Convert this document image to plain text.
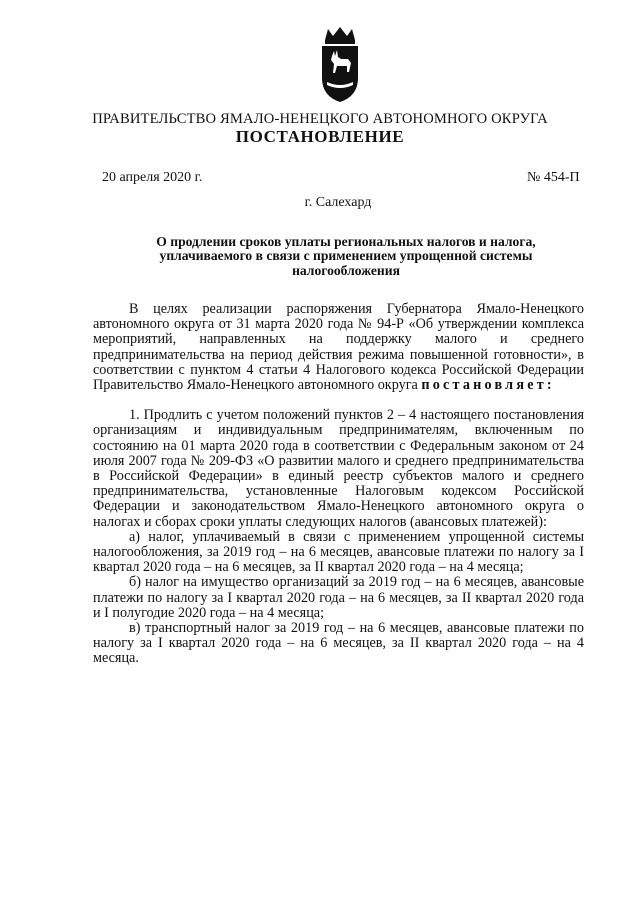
ПРАВИТЕЛЬСТВО ЯМАЛО-НЕНЕЦКОГО АВТОНОМНОГО ОКРУГА
ПОСТАНОВЛЕНИЕ
20 апреля 2020 г.	№ 454-П
г. Салехард
О продлении сроков уплаты региональных налогов и налога,
уплачиваемого в связи с применением упрощенной системы
налогообложения

В целях реализации распоряжения Губернатора Ямало-Ненецкого автономного округа от 31 марта 2020 года № 94-Р «Об утверждении комплекса мероприятий, направленных на поддержку малого и среднего предпринимательства на период действия режима повышенной готовности», в соответствии с пунктом 4 статьи 4 Налогового кодекса Российской Федерации Правительство Ямало-Ненецкого автономного округа постановляет:

1. Продлить с учетом положений пунктов 2 – 4 настоящего постановления организациям и индивидуальным предпринимателям, включенным по состоянию на 01 марта 2020 года в соответствии с Федеральным законом от 24 июля 2007 года № 209-ФЗ «О развитии малого и среднего предпринимательства в Российской Федерации» в единый реестр субъектов малого и среднего предпринимательства, установленные Налоговым кодексом Российской Федерации и законодательством Ямало-Ненецкого автономного округа о налогах и сборах сроки уплаты следующих налогов (авансовых платежей):

а) налог, уплачиваемый в связи с применением упрощенной системы налогообложения, за 2019 год – на 6 месяцев, авансовые платежи по налогу за I квартал 2020 года – на 6 месяцев, за II квартал 2020 года – на 4 месяца;

б) налог на имущество организаций за 2019 год – на 6 месяцев, авансовые платежи по налогу за I квартал 2020 года – на 6 месяцев, за II квартал 2020 года и I полугодие 2020 года – на 4 месяца;

в) транспортный налог за 2019 год – на 6 месяцев, авансовые платежи по налогу за I квартал 2020 года – на 6 месяцев, за II квартал 2020 года – на 4 месяца.
